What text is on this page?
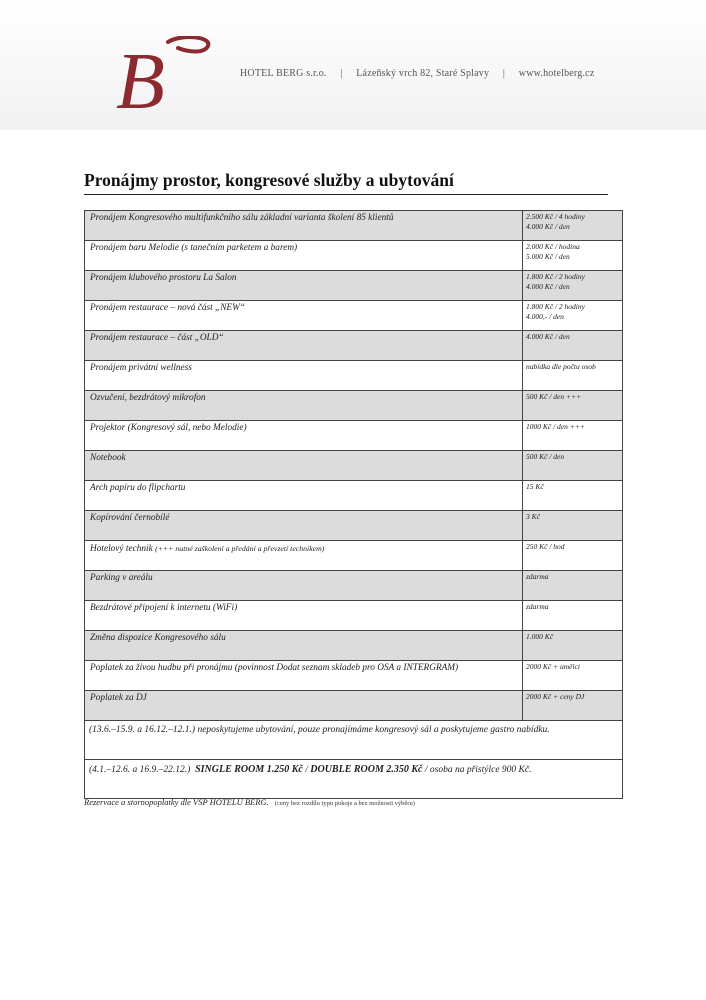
B	HOTEL BERG s.r.o. | Lázeňský vrch 82, Staré Splavy | www.hotelberg.cz
Pronájmy prostor, kongresové služby a ubytování
Pronájem Kongresového multifunkčního sálu základní varianta školení 85 klientů	2.500 Kč / 4 hodiny
4.000 Kč / den

Pronájem baru Melodie (s tanečním parketem a barem)	2.000 Kč / hodina
5.000 Kč / den

Pronájem klubového prostoru La Salon	1.800 Kč / 2 hodiny
4.000 Kč / den

Pronájem restaurace – nová část „NEW“	1.800 Kč / 2 hodiny
4.000,- / den

Pronájem restaurace – část „OLD“	4.000 Kč / den

Pronájem privátní wellness	nabídka dle počtu osob

Ozvučení, bezdrátový mikrofon	500 Kč / den +++

Projektor (Kongresový sál, nebo Melodie)	1000 Kč / den +++

Notebook	500 Kč / den

Arch papíru do flipchartu	15 Kč

Kopírování černobílé	3 Kč

Hotelový technik (+++ nutné zaškolení a předání a převzetí technikem)	250 Kč / hod

Parking v areálu	zdarma

Bezdrátové připojení k internetu (WiFi)	zdarma

Změna dispozice Kongresového sálu	1.000 Kč

Poplatek za živou hudbu při pronájmu (povinnost Dodat seznam skladeb pro OSA a INTERGRAM)	2000 Kč + umělci

Poplatek za DJ	2000 Kč + ceny DJ

(13.6.–15.9. a 16.12.–12.1.) neposkytujeme ubytování, pouze pronajímáme kongresový sál a poskytujeme gastro nabídku.	
(4.1.–12.6. a 16.9.–22.12.) SINGLE ROOM 1.250 Kč / DOUBLE ROOM 2.350 Kč / osoba na přistýlce 900 Kč.	
Rezervace a stornopoplatky dle VSP HOTELU BERG. (ceny bez rozdílu typu pokoje a bez možnosti výběru)
